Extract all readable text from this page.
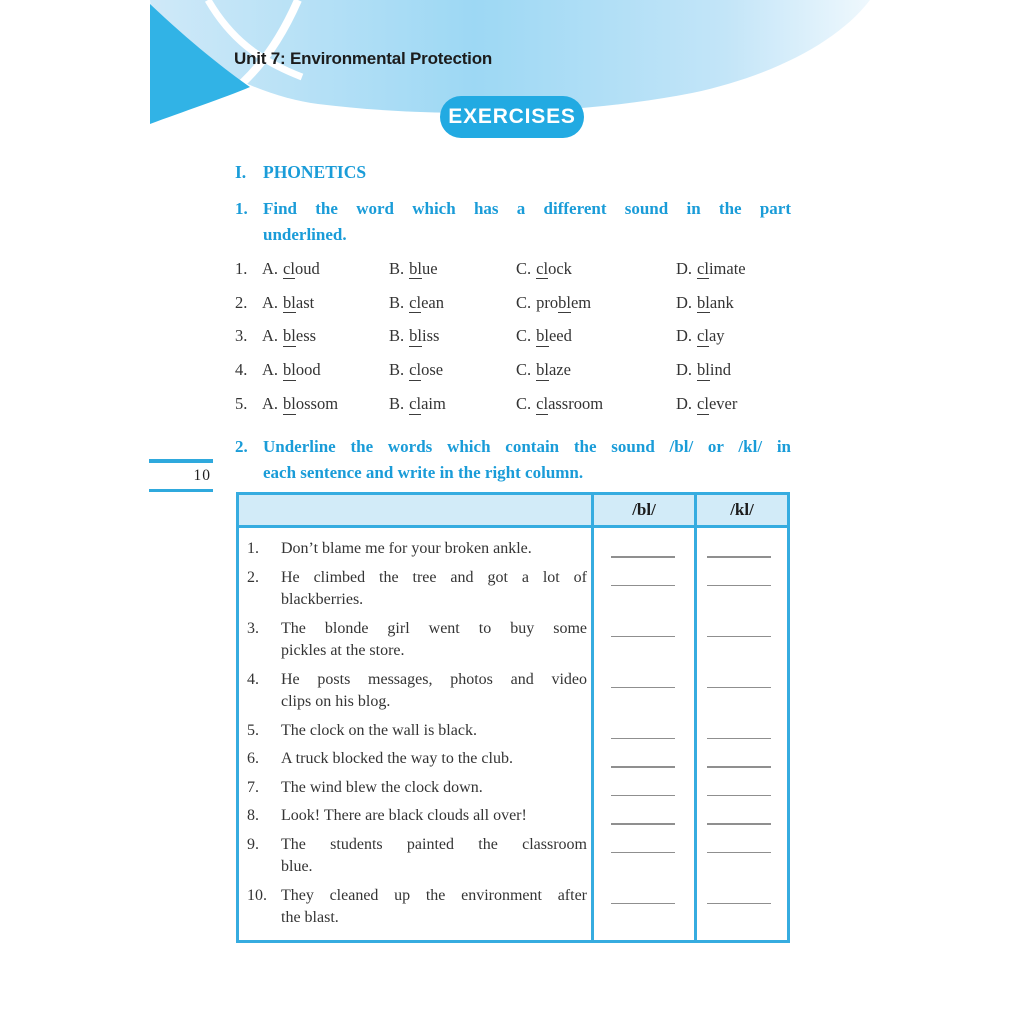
Unit 7: Environmental Protection
EXERCISES
I. PHONETICS
1. Find the word which has a different sound in the part
underlined.
1. A. cloud	B. blue	C. clock	D. climate
2. A. blast	B. clean	C. problem	D. blank
3. A. bless	B. bliss	C. bleed	D. clay
4. A. blood	B. close	C. blaze	D. blind
5. A. blossom	B. claim	C. classroom	D. clever
2. Underline the words which contain the sound /bl/ or /kl/ in
each sentence and write in the right column.
10
/bl/	/kl/
1.	Don’t blame me for your broken ankle.
2.	He climbed the tree and got a lot of
blackberries.
3.	The blonde girl went to buy some
pickles at the store.
4.	He posts messages, photos and video
clips on his blog.
5.	The clock on the wall is black.
6.	A truck blocked the way to the club.
7.	The wind blew the clock down.
8.	Look! There are black clouds all over!
9.	The students painted the classroom
blue.
10. They cleaned up the environment after
the blast.
